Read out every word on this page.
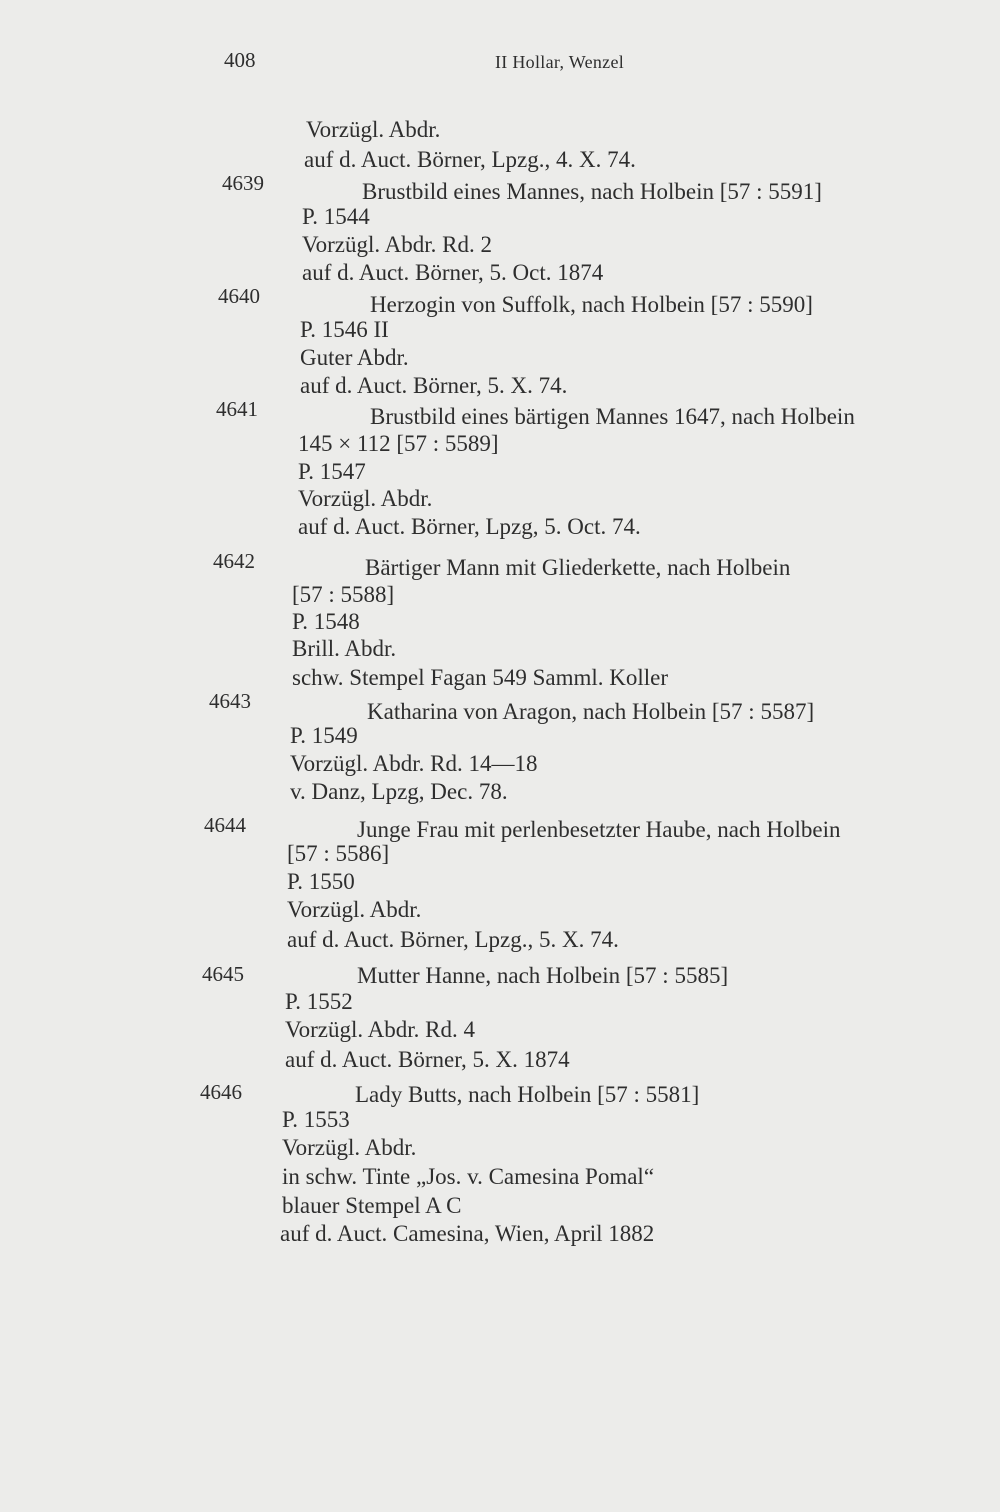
408	II Hollar, Wenzel
Vorzügl. Abdr.
auf d. Auct. Börner, Lpzg., 4. X. 74.
4639	Brustbild eines Mannes, nach Holbein [57 : 5591]
P. 1544
Vorzügl. Abdr. Rd. 2
auf d. Auct. Börner, 5. Oct. 1874
4640	Herzogin von Suffolk, nach Holbein [57 : 5590]
P. 1546 II
Guter Abdr.
auf d. Auct. Börner, 5. X. 74.
4641	Brustbild eines bärtigen Mannes 1647, nach Holbein
145 × 112 [57 : 5589]
P. 1547
Vorzügl. Abdr.
auf d. Auct. Börner, Lpzg, 5. Oct. 74.
4642	Bärtiger Mann mit Gliederkette, nach Holbein
[57 : 5588]
P. 1548
Brill. Abdr.
schw. Stempel Fagan 549 Samml. Koller
4643	Katharina von Aragon, nach Holbein [57 : 5587]
P. 1549
Vorzügl. Abdr. Rd. 14—18
v. Danz, Lpzg, Dec. 78.
4644	Junge Frau mit perlenbesetzter Haube, nach Holbein
[57 : 5586]
P. 1550
Vorzügl. Abdr.
auf d. Auct. Börner, Lpzg., 5. X. 74.
4645	Mutter Hanne, nach Holbein [57 : 5585]
P. 1552
Vorzügl. Abdr. Rd. 4
auf d. Auct. Börner, 5. X. 1874
4646	Lady Butts, nach Holbein [57 : 5581]
P. 1553
Vorzügl. Abdr.
in schw. Tinte „Jos. v. Camesina Pomal“
blauer Stempel A C
auf d. Auct. Camesina, Wien, April 1882
